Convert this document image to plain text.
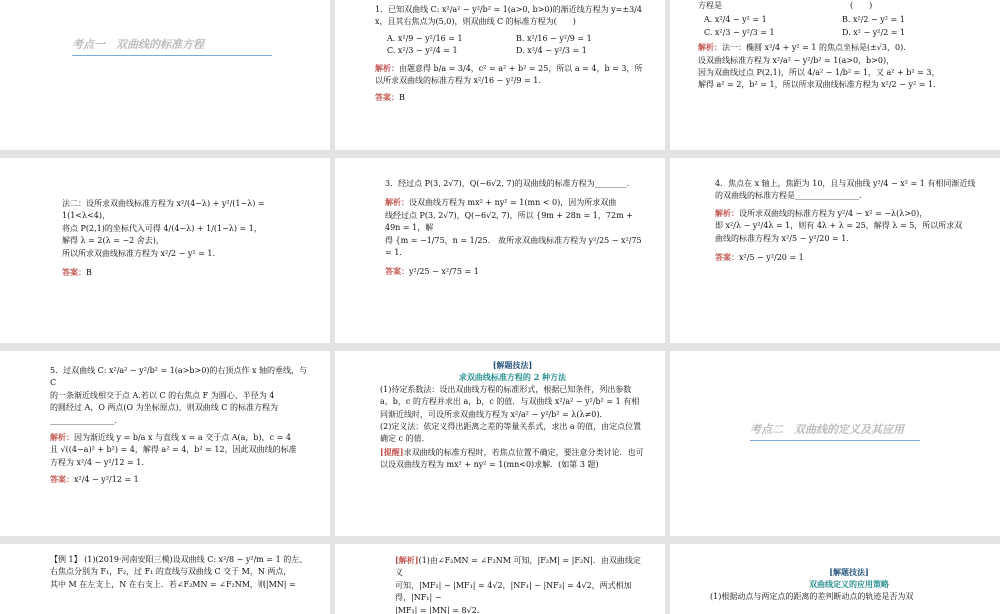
考点一　双曲线的标准方程

1．已知双曲线 C: x²/a² − y²/b² = 1(a>0, b>0)的渐近线方程为 y=±3/4 x，且其右焦点为(5,0)，则双曲线 C 的标准方程为(　　)

A. x²/9 − y²/16 = 1	B. x²/16 − y²/9 = 1
C. x²/3 − y²/4 = 1	D. x²/4 − y²/3 = 1

解析：由题意得 b/a = 3/4，c² = a² + b² = 25，所以 a = 4，b = 3，所以所求双曲线的标准方程为 x²/16 − y²/9 = 1.

答案：B

方程是　　　　　　　　　　　　　　　　(　　)

A. x²/4 − y² = 1	B. x²/2 − y² = 1
C. x²/3 − y²/3 = 1	D. x² − y²/2 = 1

解析：法一：椭圆 x²/4 + y² = 1 的焦点坐标是(±√3，0).

设双曲线标准方程为 x²/a² − y²/b² = 1(a>0，b>0)，

因为双曲线过点 P(2,1)，所以 4/a² − 1/b² = 1，又 a² + b² = 3，

解得 a² = 2，b² = 1，所以所求双曲线标准方程为 x²/2 − y² = 1.

法二：设所求双曲线标准方程为 x²/(4−λ) + y²/(1−λ) = 1(1<λ<4)，

将点 P(2,1)的坐标代入可得 4/(4−λ) + 1/(1−λ) = 1，

解得 λ = 2(λ = −2 舍去)，

所以所求双曲线标准方程为 x²/2 − y² = 1.

答案：B

3．经过点 P(3, 2√7)，Q(−6√2, 7)的双曲线的标准方程为________.

解析：设双曲线方程为 mx² + ny² = 1(mn < 0)，因为所求双曲

线经过点 P(3, 2√7)，Q(−6√2, 7)，所以 {9m + 28n = 1，72m + 49n = 1，解

得 {m = −1/75，n = 1/25.　故所求双曲线标准方程为 y²/25 − x²/75 = 1.

答案：y²/25 − x²/75 = 1

4．焦点在 x 轴上，焦距为 10，且与双曲线 y²/4 − x² = 1 有相同渐近线

的双曲线的标准方程是________________.

解析：设所求双曲线的标准方程为 y²/4 − x² = −λ(λ>0)，

即 x²/λ − y²/4λ = 1，则有 4λ + λ = 25，解得 λ = 5，所以所求双

曲线的标准方程为 x²/5 − y²/20 = 1.

答案：x²/5 − y²/20 = 1

5．过双曲线 C: x²/a² − y²/b² = 1(a>b>0)的右顶点作 x 轴的垂线，与 C

的一条渐近线相交于点 A.若以 C 的右焦点 F 为圆心、半径为 4

的圆经过 A，O 两点(O 为坐标原点)，则双曲线 C 的标准方程为

________________.

解析：因为渐近线 y = b/a x 与直线 x = a 交于点 A(a，b)，c = 4

且 √((4−a)² + b²) = 4，解得 a² = 4，b² = 12，因此双曲线的标准

方程为 x²/4 − y²/12 = 1.

答案：x²/4 − y²/12 = 1

[解题技法]

求双曲线标准方程的 2 种方法

(1)待定系数法：设出双曲线方程的标准形式，根据已知条件，列出参数 a，b，c 的方程并求出 a，b，c 的值．与双曲线 x²/a² − y²/b² = 1 有相同渐近线时，可设所求双曲线方程为 x²/a² − y²/b² = λ(λ≠0).

(2)定义法：依定义得出距离之差的等量关系式，求出 a 的值，由定点位置确定 c 的值.

[提醒]求双曲线的标准方程时，若焦点位置不确定，要注意分类讨论．也可以设双曲线方程为 mx² + ny² = 1(mn<0)求解．(如第 3 题)

考点二　双曲线的定义及其应用

【例 1】 (1)(2019·河南安阳三模)设双曲线 C: x²/8 − y²/m = 1 的左、

右焦点分别为 F₁，F₂，过 F₁ 的直线与双曲线 C 交于 M，N 两点，

其中 M 在左支上，N 在右支上．若∠F₂MN = ∠F₂NM，则|MN| =

[解析](1)由∠F₂MN = ∠F₂NM 可知，|F₂M| = |F₂N|．由双曲线定义

可知，|MF₂| − |MF₁| = 4√2，|NF₁| − |NF₂| = 4√2，两式相加得，|NF₁| −

|MF₁| = |MN| = 8√2.

[解题技法]

双曲线定义的应用策略

(1)根据动点与两定点的距离的差判断动点的轨迹是否为双
